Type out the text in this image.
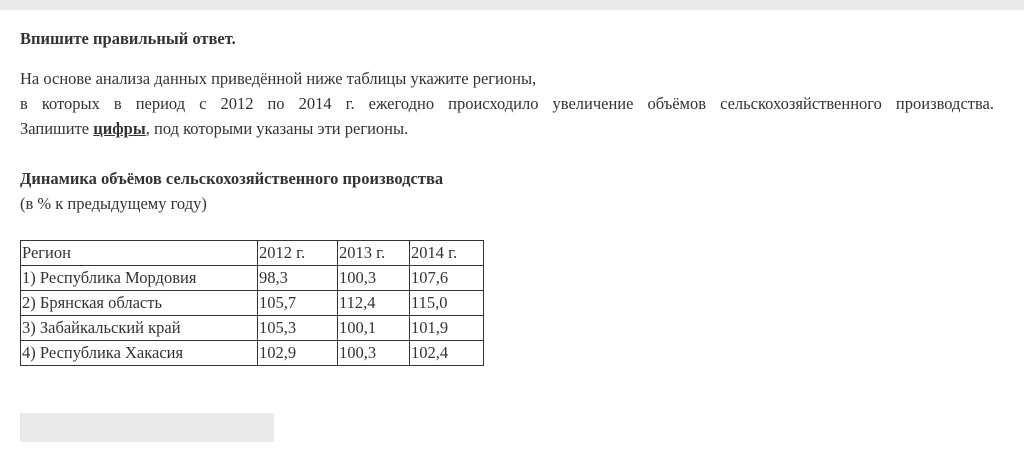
Впишите правильный ответ.

На основе анализа данных приведённой ниже таблицы укажите регионы,
в которых в период с 2012 по 2014 г. ежегодно происходило увеличение объёмов сельскохозяйственного производства.
Запишите цифры, под которыми указаны эти регионы.

Динамика объёмов сельскохозяйственного производства

(в % к предыдущему году)

Регион	2012 г.	2013 г.	2014 г.
1) Республика Мордовия	98,3	100,3	107,6
2) Брянская область	105,7	112,4	115,0
3) Забайкальский край	105,3	100,1	101,9
4) Республика Хакасия	102,9	100,3	102,4
